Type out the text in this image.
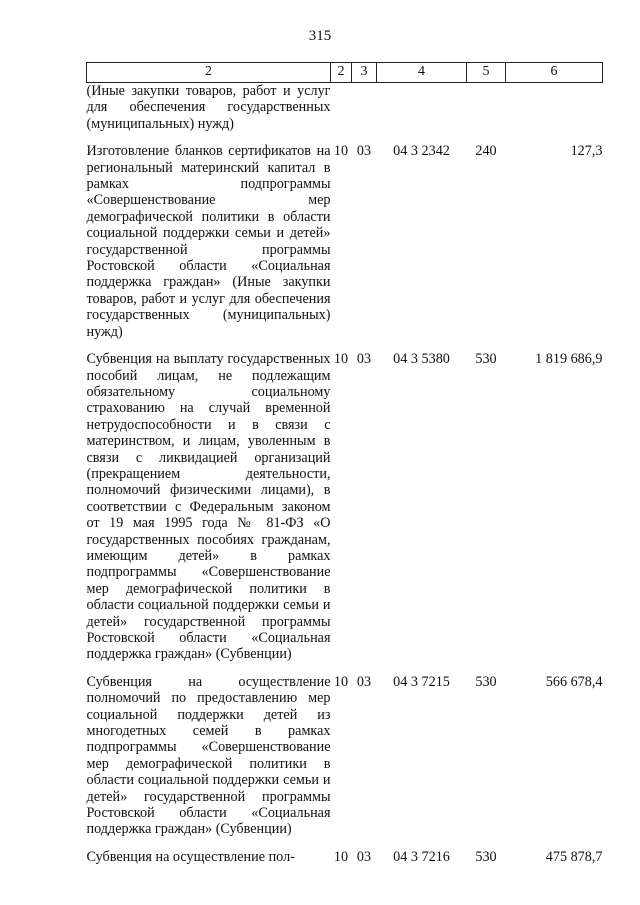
315
2	2	3	4	5	6
(Иные закупки товаров, работ и услуг для обеспечения государственных (муниципальных) нужд)					

Изготовление бланков сертификатов на региональный материнский капитал в рамках подпрограммы «Совершенствование мер демографической политики в области социальной поддержки семьи и детей» государственной программы Ростовской области «Социальная поддержка граждан» (Иные закупки товаров, работ и услуг для обеспечения государственных (муниципальных) нужд)	10	03	04 3 2342	240	127,3

Субвенция на выплату государственных пособий лицам, не подлежащим обязательному социальному страхованию на случай временной нетрудоспособности и в связи с материнством, и лицам, уволенным в связи с ликвидацией организаций (прекращением деятельности, полномочий физическими лицами), в соответствии с Федеральным законом от 19 мая 1995 года № 81-ФЗ «О государственных пособиях гражданам, имеющим детей» в рамках подпрограммы «Совершенствование мер демографической политики в области социальной поддержки семьи и детей» государственной программы Ростовской области «Социальная поддержка граждан» (Субвенции)	10	03	04 3 5380	530	1 819 686,9

Субвенция на осуществление полномочий по предоставлению мер социальной поддержки детей из многодетных семей в рамках подпрограммы «Совершенствование мер демографической политики в области социальной поддержки семьи и детей» государственной программы Ростовской области «Социальная поддержка граждан» (Субвенции)	10	03	04 3 7215	530	566 678,4

Субвенция на осуществление пол-	10	03	04 3 7216	530	475 878,7
